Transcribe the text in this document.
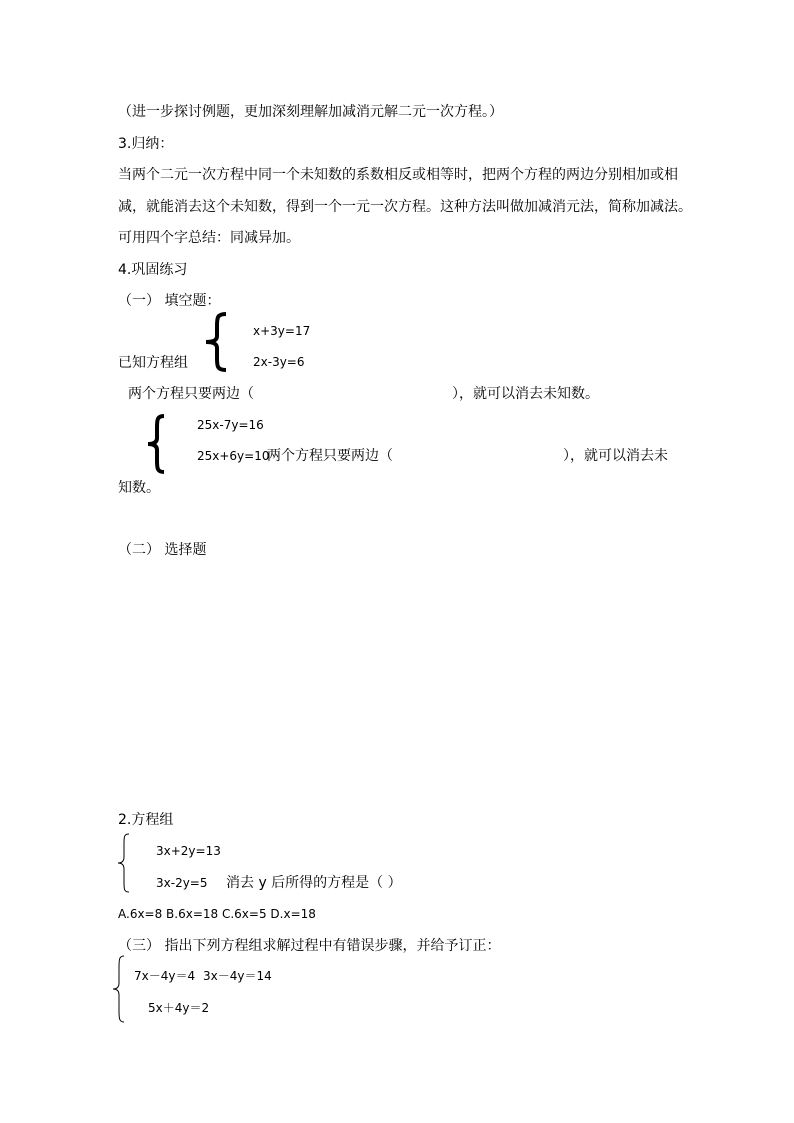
（进一步探讨例题，更加深刻理解加减消元解二元一次方程。）
3.归纳：
当两个二元一次方程中同一个未知数的系数相反或相等时，把两个方程的两边分别相加或相
减，就能消去这个未知数，得到一个一元一次方程。这种方法叫做加减消元法，简称加减法。
可用四个字总结：同减异加。
4.巩固练习
（一） 填空题：
已知方程组
x+3y=17
2x-3y=6
两个方程只要两边（	），就可以消去未知数。
25x-7y=16
25x+6y=10
两个方程只要两边（	），就可以消去未
知数。
（二） 选择题
2.方程组
3x+2y=13
3x-2y=5 消去 y 后所得的方程是（ ）
A.6x=8 B.6x=18 C.6x=5 D.x=18
（三） 指出下列方程组求解过程中有错误步骤，并给予订正：
7x－4y＝4 3x－4y＝14
5x＋4y＝2
